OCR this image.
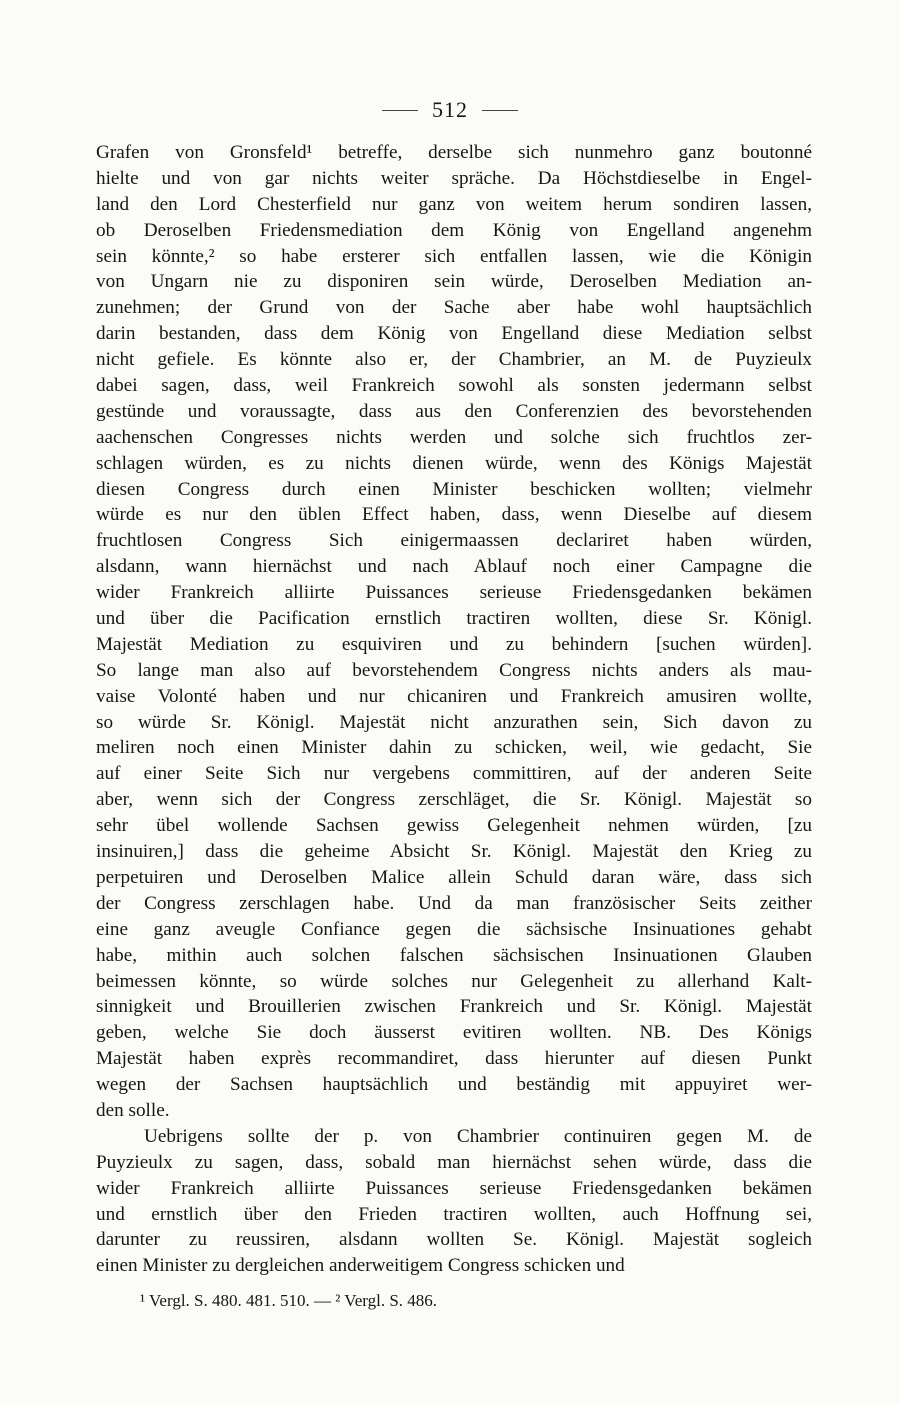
512
Grafen von Gronsfeld¹ betreffe, derselbe sich nunmehro ganz boutonné
hielte und von gar nichts weiter spräche. Da Höchstdieselbe in Engel-
land den Lord Chesterfield nur ganz von weitem herum sondiren lassen,
ob Deroselben Friedensmediation dem König von Engelland angenehm
sein könnte,² so habe ersterer sich entfallen lassen, wie die Königin
von Ungarn nie zu disponiren sein würde, Deroselben Mediation an-
zunehmen; der Grund von der Sache aber habe wohl hauptsächlich
darin bestanden, dass dem König von Engelland diese Mediation selbst
nicht gefiele. Es könnte also er, der Chambrier, an M. de Puyzieulx
dabei sagen, dass, weil Frankreich sowohl als sonsten jedermann selbst
gestünde und voraussagte, dass aus den Conferenzien des bevorstehenden
aachenschen Congresses nichts werden und solche sich fruchtlos zer-
schlagen würden, es zu nichts dienen würde, wenn des Königs Majestät
diesen Congress durch einen Minister beschicken wollten; vielmehr
würde es nur den üblen Effect haben, dass, wenn Dieselbe auf diesem
fruchtlosen Congress Sich einigermaassen declariret haben würden,
alsdann, wann hiernächst und nach Ablauf noch einer Campagne die
wider Frankreich alliirte Puissances serieuse Friedensgedanken bekämen
und über die Pacification ernstlich tractiren wollten, diese Sr. Königl.
Majestät Mediation zu esquiviren und zu behindern [suchen würden].
So lange man also auf bevorstehendem Congress nichts anders als mau-
vaise Volonté haben und nur chicaniren und Frankreich amusiren wollte,
so würde Sr. Königl. Majestät nicht anzurathen sein, Sich davon zu
meliren noch einen Minister dahin zu schicken, weil, wie gedacht, Sie
auf einer Seite Sich nur vergebens committiren, auf der anderen Seite
aber, wenn sich der Congress zerschläget, die Sr. Königl. Majestät so
sehr übel wollende Sachsen gewiss Gelegenheit nehmen würden, [zu
insinuiren,] dass die geheime Absicht Sr. Königl. Majestät den Krieg zu
perpetuiren und Deroselben Malice allein Schuld daran wäre, dass sich
der Congress zerschlagen habe. Und da man französischer Seits zeither
eine ganz aveugle Confiance gegen die sächsische Insinuationes gehabt
habe, mithin auch solchen falschen sächsischen Insinuationen Glauben
beimessen könnte, so würde solches nur Gelegenheit zu allerhand Kalt-
sinnigkeit und Brouillerien zwischen Frankreich und Sr. Königl. Majestät
geben, welche Sie doch äusserst evitiren wollten. NB. Des Königs
Majestät haben exprès recommandiret, dass hierunter auf diesen Punkt
wegen der Sachsen hauptsächlich und beständig mit appuyiret wer-
den solle.
Uebrigens sollte der p. von Chambrier continuiren gegen M. de
Puyzieulx zu sagen, dass, sobald man hiernächst sehen würde, dass die
wider Frankreich alliirte Puissances serieuse Friedensgedanken bekämen
und ernstlich über den Frieden tractiren wollten, auch Hoffnung sei,
darunter zu reussiren, alsdann wollten Se. Königl. Majestät sogleich
einen Minister zu dergleichen anderweitigem Congress schicken und
¹ Vergl. S. 480. 481. 510. — ² Vergl. S. 486.
